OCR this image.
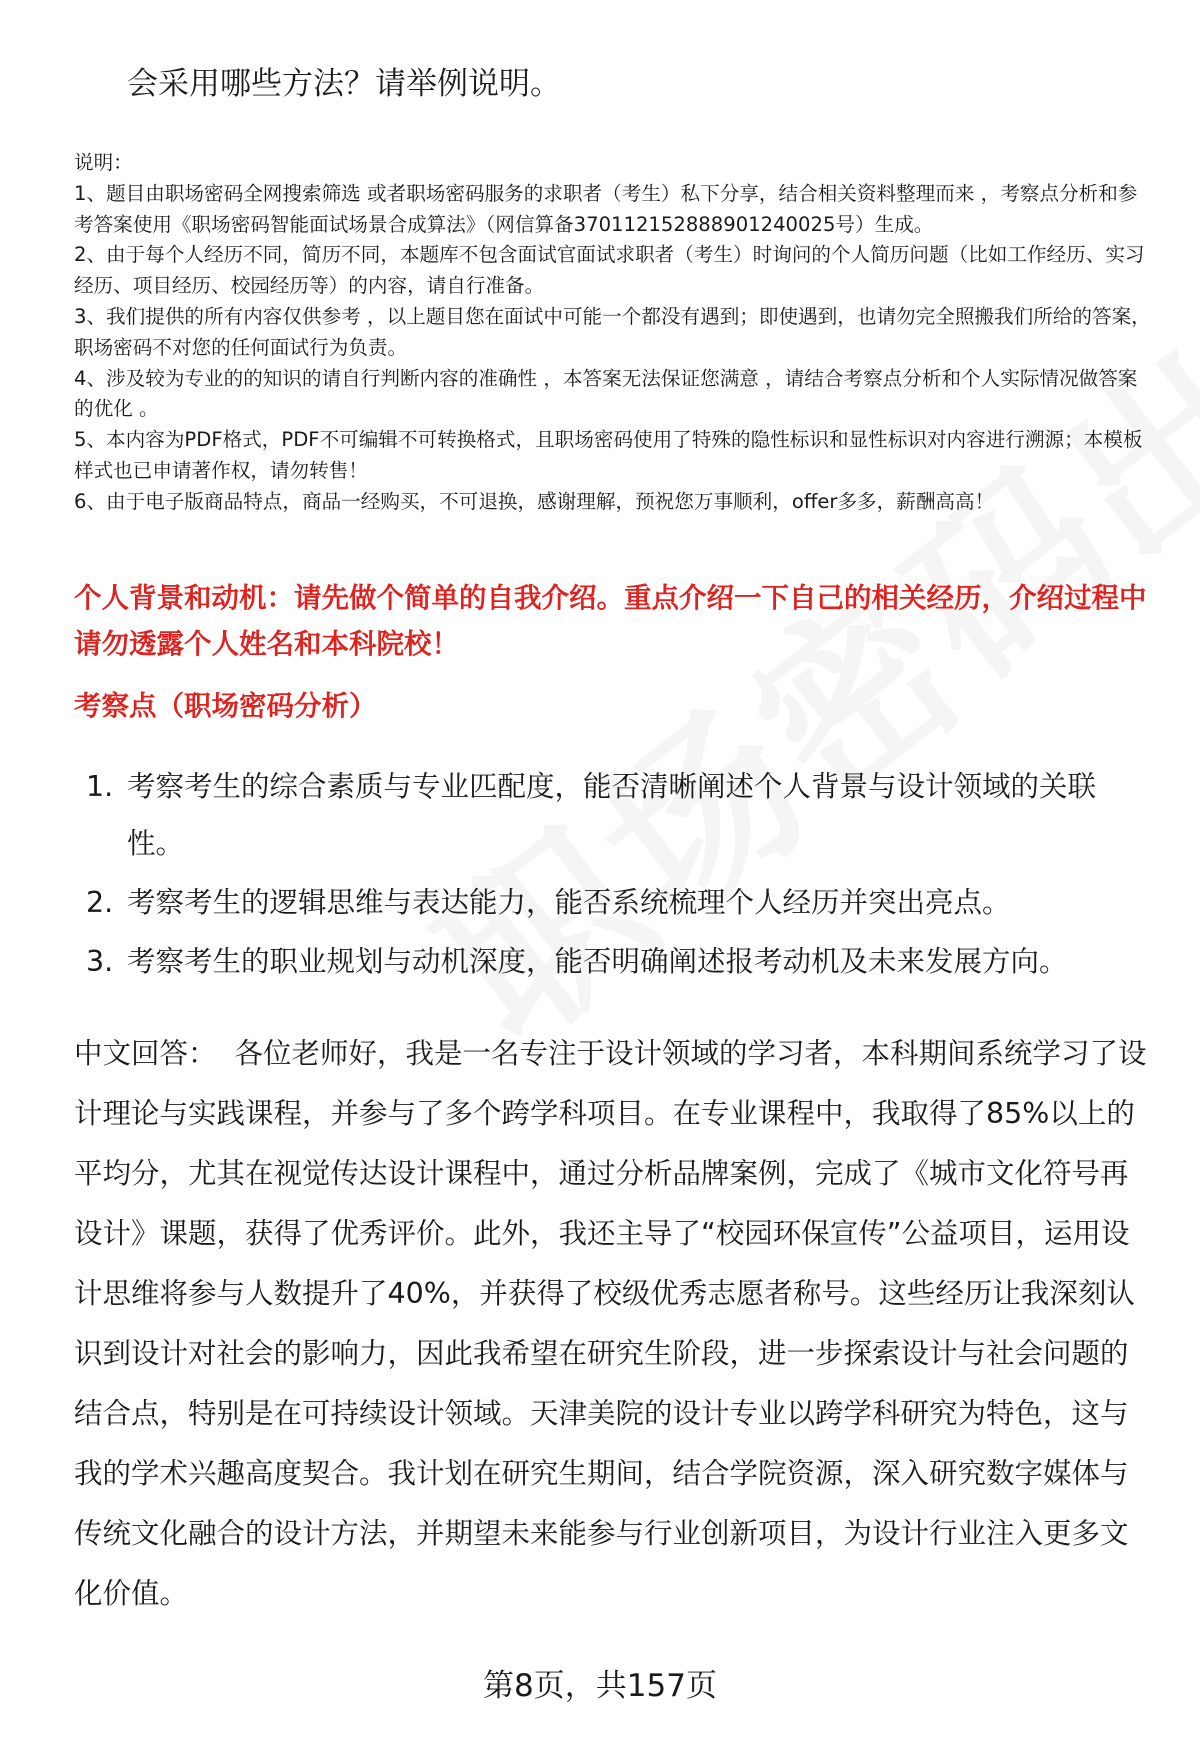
会采用哪些方法？请举例说明。

说明：

1、题目由职场密码全网搜索筛选 或者职场密码服务的求职者（考生）私下分享，结合相关资料整理而来 ，考察点分析和参考答案使用《职场密码智能面试场景合成算法》（网信算备370112152888901240025号）生成。

2、由于每个人经历不同，简历不同，本题库不包含面试官面试求职者（考生）时询问的个人简历问题（比如工作经历、实习经历、项目经历、校园经历等）的内容，请自行准备。

3、我们提供的所有内容仅供参考 ，以上题目您在面试中可能一个都没有遇到；即使遇到，也请勿完全照搬我们所给的答案，职场密码不对您的任何面试行为负责。

4、涉及较为专业的的知识的请自行判断内容的准确性 ，本答案无法保证您满意 ，请结合考察点分析和个人实际情况做答案的优化 。

5、本内容为PDF格式，PDF不可编辑不可转换格式，且职场密码使用了特殊的隐性标识和显性标识对内容进行溯源；本模板样式也已申请著作权，请勿转售！

6、由于电子版商品特点，商品一经购买，不可退换，感谢理解，预祝您万事顺利，offer多多，薪酬高高！

个人背景和动机：请先做个简单的自我介绍。重点介绍一下自己的相关经历，介绍过程中请勿透露个人姓名和本科院校！
考察点（职场密码分析）
1. 考察考生的综合素质与专业匹配度，能否清晰阐述个人背景与设计领域的关联性。
2. 考察考生的逻辑思维与表达能力，能否系统梳理个人经历并突出亮点。
3. 考察考生的职业规划与动机深度，能否明确阐述报考动机及未来发展方向。

中文回答： 各位老师好，我是一名专注于设计领域的学习者，本科期间系统学习了设计理论与实践课程，并参与了多个跨学科项目。在专业课程中，我取得了85%以上的平均分，尤其在视觉传达设计课程中，通过分析品牌案例，完成了《城市文化符号再设计》课题，获得了优秀评价。此外，我还主导了“校园环保宣传”公益项目，运用设计思维将参与人数提升了40%，并获得了校级优秀志愿者称号。这些经历让我深刻认识到设计对社会的影响力，因此我希望在研究生阶段，进一步探索设计与社会问题的结合点，特别是在可持续设计领域。天津美院的设计专业以跨学科研究为特色，这与我的学术兴趣高度契合。我计划在研究生期间，结合学院资源，深入研究数字媒体与传统文化融合的设计方法，并期望未来能参与行业创新项目，为设计行业注入更多文化价值。

第8页，共157页
